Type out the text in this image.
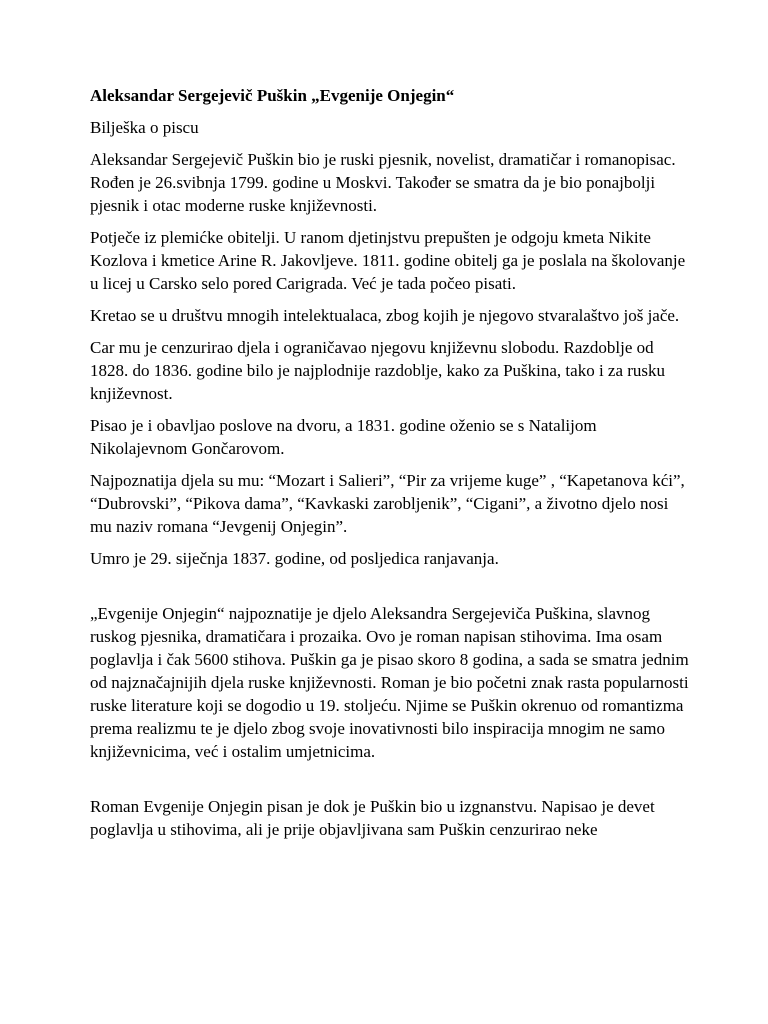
Aleksandar Sergejevič Puškin „Evgenije Onjegin“
Bilješka o piscu
Aleksandar Sergejevič Puškin bio je ruski pjesnik, novelist, dramatičar i romanopisac. Rođen je 26.svibnja 1799. godine u Moskvi. Također se smatra da je bio ponajbolji pjesnik i otac moderne ruske književnosti.
Potječe iz plemićke obitelji. U ranom djetinjstvu prepušten je odgoju kmeta Nikite Kozlova i kmetice Arine R. Jakovljeve. 1811. godine obitelj ga je poslala na školovanje u licej u Carsko selo pored Carigrada. Već je tada počeo pisati.
Kretao se u društvu mnogih intelektualaca, zbog kojih je njegovo stvaralaštvo još jače.
Car mu je cenzurirao djela i ograničavao njegovu književnu slobodu. Razdoblje od 1828. do 1836. godine bilo je najplodnije razdoblje, kako za Puškina, tako i za rusku književnost.
Pisao je i obavljao poslove na dvoru, a 1831. godine oženio se s Natalijom Nikolajevnom Gončarovom.
Najpoznatija djela su mu: “Mozart i Salieri”, “Pir za vrijeme kuge” , “Kapetanova kći”, “Dubrovski”, “Pikova dama”, “Kavkaski zarobljenik”, “Cigani”, a životno djelo nosi mu naziv romana “Jevgenij Onjegin”.
Umro je 29. siječnja 1837. godine, od posljedica ranjavanja.
„Evgenije Onjegin“ najpoznatije je djelo Aleksandra Sergejeviča Puškina, slavnog ruskog pjesnika, dramatičara i prozaika. Ovo je roman napisan stihovima. Ima osam poglavlja i čak 5600 stihova. Puškin ga je pisao skoro 8 godina, a sada se smatra jednim od najznačajnijih djela ruske književnosti. Roman je bio početni znak rasta popularnosti ruske literature koji se dogodio u 19. stoljeću. Njime se Puškin okrenuo od romantizma prema realizmu te je djelo zbog svoje inovativnosti bilo inspiracija mnogim ne samo književnicima, već i ostalim umjetnicima.
Roman Evgenije Onjegin pisan je dok je Puškin bio u izgnanstvu. Napisao je devet poglavlja u stihovima, ali je prije objavljivana sam Puškin cenzurirao neke
